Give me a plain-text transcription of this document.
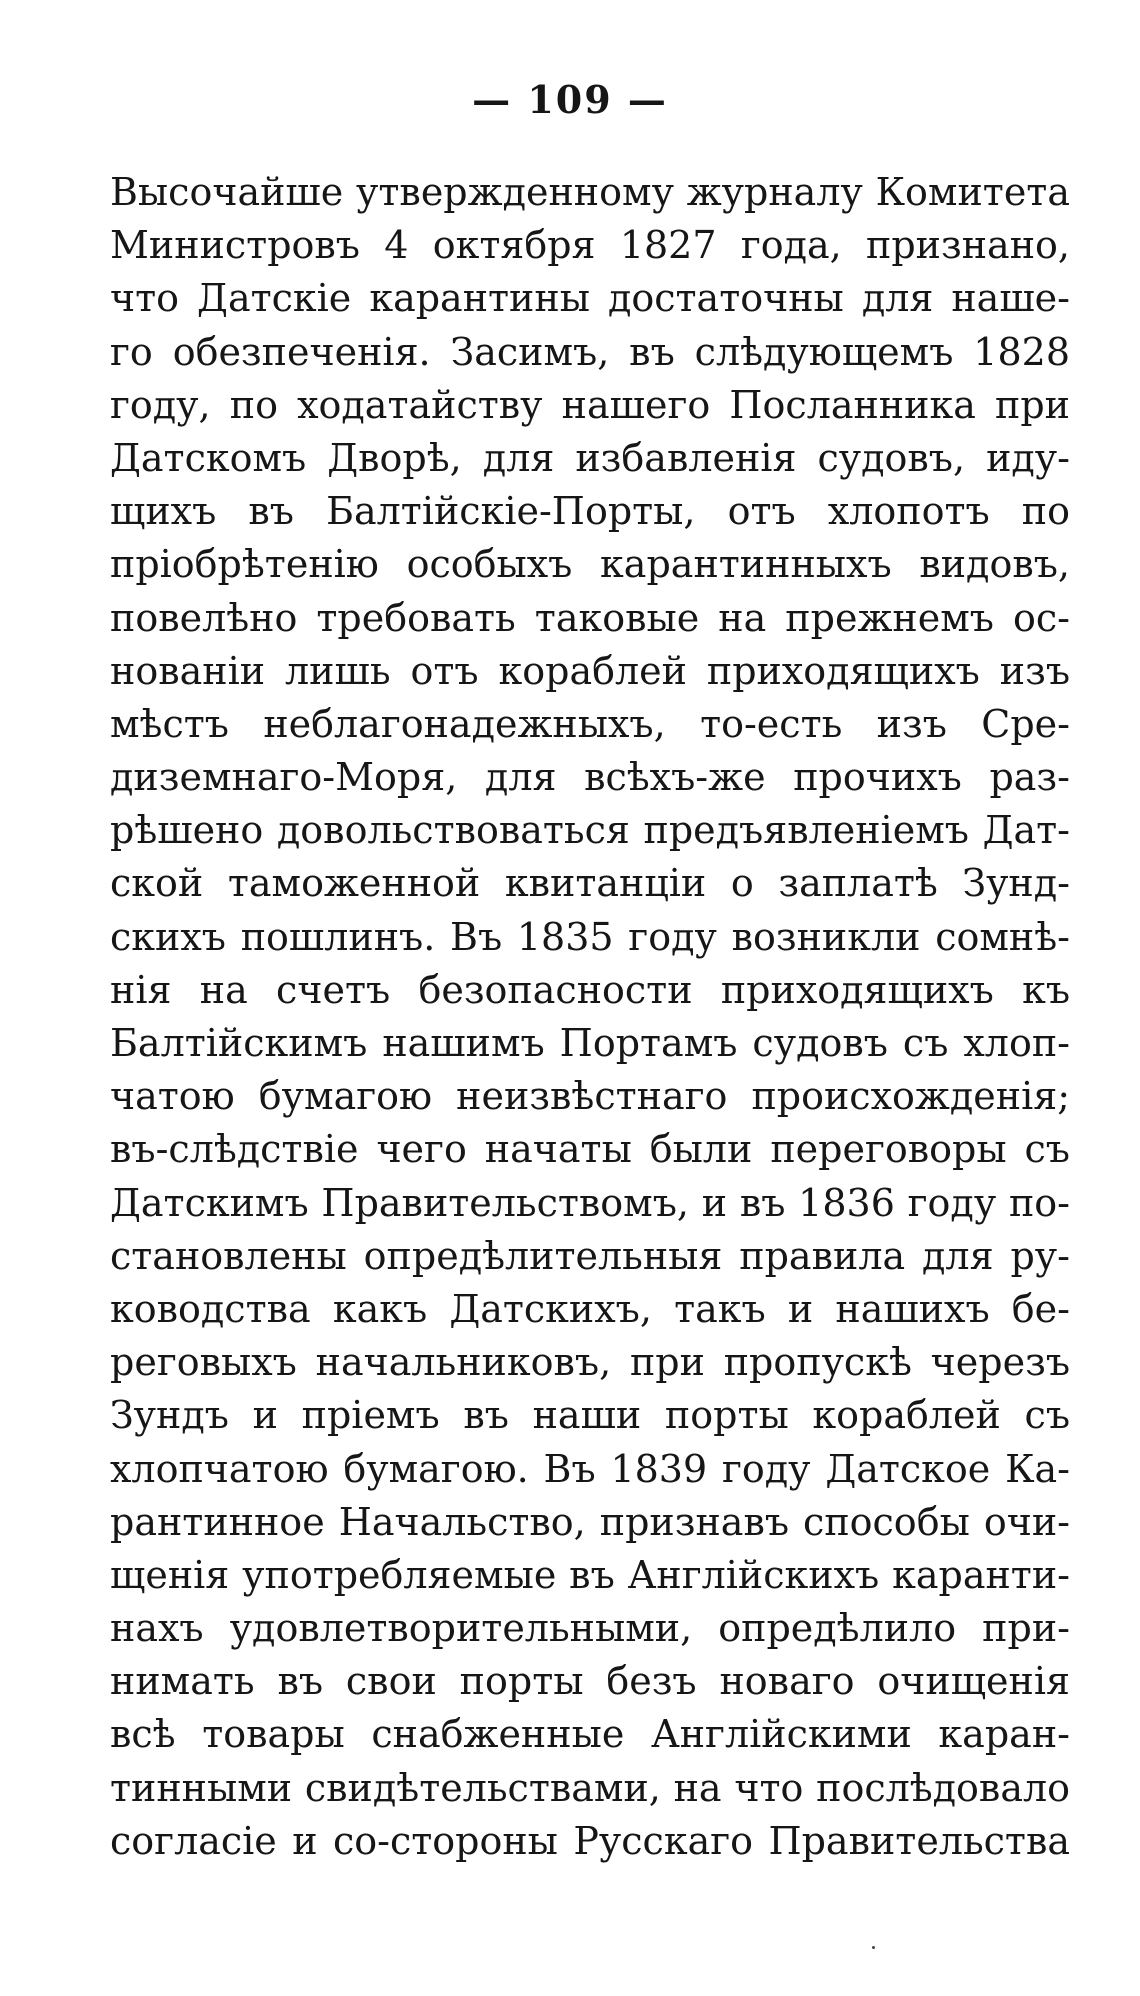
— 109 —
Высочайше утвержденному журналу Комитета
Министровъ 4 октября 1827 года, признано,
что Датскіе карантины достаточны для наше-
го обезпеченія. Засимъ, въ слѣдующемъ 1828
году, по ходатайству нашего Посланника при
Датскомъ Дворѣ, для избавленія судовъ, иду-
щихъ въ Балтійскіе-Порты, отъ хлопотъ по
пріобрѣтенію особыхъ карантинныхъ видовъ,
повелѣно требовать таковые на прежнемъ ос-
нованіи лишь отъ кораблей приходящихъ изъ
мѣстъ неблагонадежныхъ, то-есть изъ Сре-
диземнаго-Моря, для всѣхъ-же прочихъ раз-
рѣшено довольствоваться предъявленіемъ Дат-
ской таможенной квитанціи о заплатѣ Зунд-
скихъ пошлинъ. Въ 1835 году возникли сомнѣ-
нія на счетъ безопасности приходящихъ къ
Балтійскимъ нашимъ Портамъ судовъ съ хлоп-
чатою бумагою неизвѣстнаго происхожденія;
въ-слѣдствіе чего начаты были переговоры съ
Датскимъ Правительствомъ, и въ 1836 году по-
становлены опредѣлительныя правила для ру-
ководства какъ Датскихъ, такъ и нашихъ бе-
реговыхъ начальниковъ, при пропускѣ черезъ
Зундъ и пріемъ въ наши порты кораблей съ
хлопчатою бумагою. Въ 1839 году Датское Ка-
рантинное Начальство, признавъ способы очи-
щенія употребляемые въ Англійскихъ каранти-
нахъ удовлетворительными, опредѣлило при-
нимать въ свои порты безъ новаго очищенія
всѣ товары снабженные Англійскими каран-
тинными свидѣтельствами, на что послѣдовало
согласіе и со-стороны Русскаго Правительства
